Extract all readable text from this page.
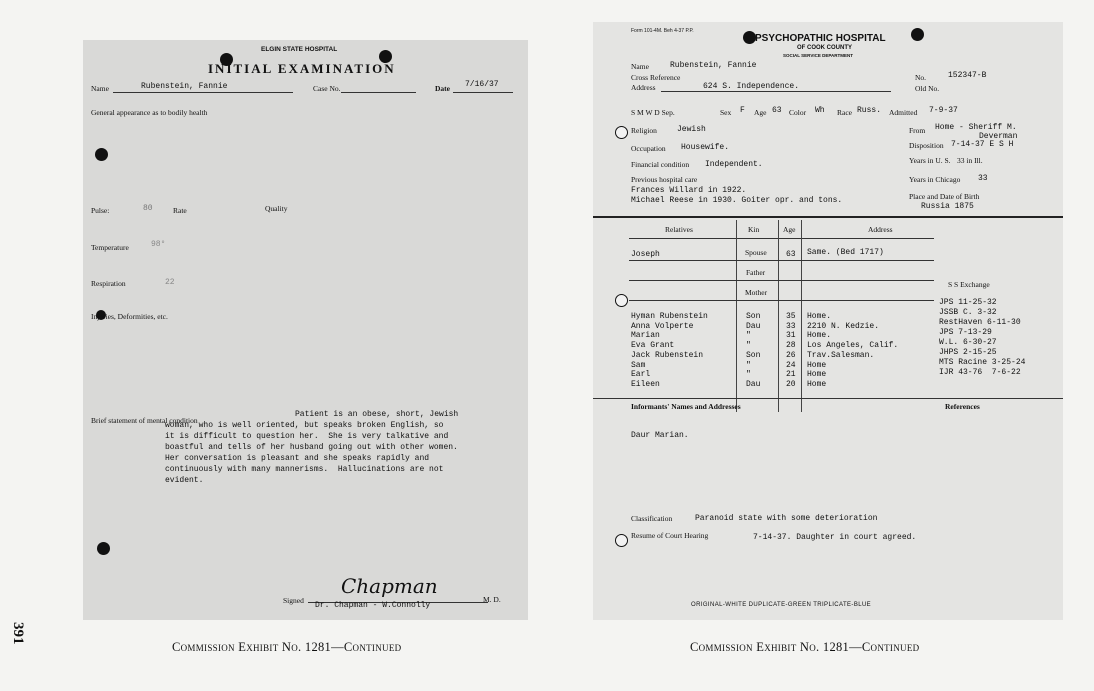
391
ELGIN STATE HOSPITAL
INITIAL EXAMINATION
Name	Rubenstein, Fannie	Case No.	Date 7/16/37
General appearance as to bodily health
Pulse:	80	Rate	Quality
Temperature	98°
Respiration	22
Injuries, Deformities, etc.
Brief statement of mental condition
Patient is an obese, short, Jewish
woman, who is well oriented, but speaks broken English, so
it is difficult to question her.  She is very talkative and
boastful and tells of her husband going out with other women.
Her conversation is pleasant and she speaks rapidly and
continuously with many mannerisms.  Hallucinations are not
evident.
Signed
Chapman
Dr. Chapman - W.Connolly
M. D.
Form 101-4M. Beh 4-37 P.P.
PSYCHOPATHIC HOSPITAL
OF COOK COUNTY
SOCIAL SERVICE DEPARTMENT
Name	Rubenstein, Fannie
Cross Reference
Address	624 S. Independence.
No.	152347-B
Old No.
S M W D Sep.	Sex F Age 63 Color Wh Race Russ. Admitted 7-9-37
Religion	Jewish	From Home - Sheriff M.
Deverman
Occupation Housewife.	Disposition 7-14-37 E S H
Financial condition Independent.	Years in U. S. 33 in Ill.
Previous hospital care	Years in Chicago 33
Frances Willard in 1922.
Michael Reese in 1930. Goiter opr. and tons.	Place and Date of Birth
Russia 1875
Relatives	Kin	Age	Address
Joseph	Spouse 63 Same. (Bed 1717)
Father
Mother
S S Exchange
JPS 11-25-32
JSSB C. 3-32
RestHaven 6-11-30
JPS 7-13-29
W.L. 6-30-27
JHPS 2-15-25
MTS Racine 3-25-24
IJR 43-76  7-6-22
Hyman Rubenstein	Son	35 Home.
Anna Volperte	Dau	33 2210 N. Kedzie.
Marian	"	31 Home.
Eva Grant	"	28 Los Angeles, Calif.
Jack Rubenstein	Son	26 Trav.Salesman.
Sam	"	24 Home
Earl	"	21 Home
Eileen	Dau	20 Home
Informants' Names and Addresses	References
Daur Marian.
Classification	Paranoid state with some deterioration
Resume of Court Hearing	7-14-37. Daughter in court agreed.
ORIGINAL-WHITE DUPLICATE-GREEN TRIPLICATE-BLUE
Commission Exhibit No. 1281—Continued	Commission Exhibit No. 1281—Continued
